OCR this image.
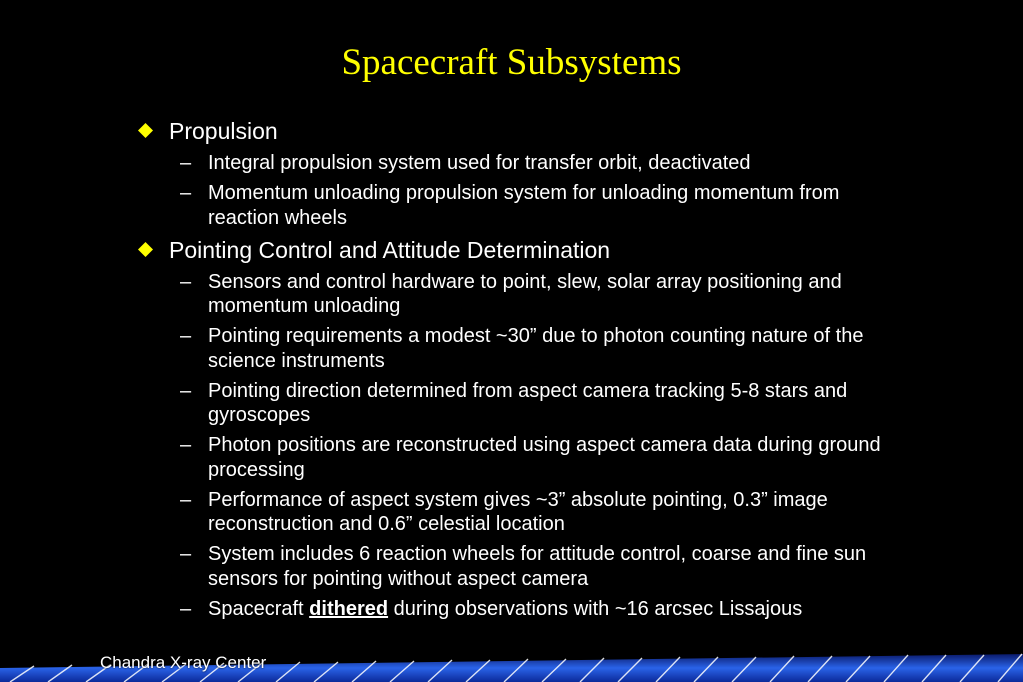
Spacecraft Subsystems
Propulsion
– Integral propulsion system used for transfer orbit, deactivated
– Momentum unloading propulsion system for unloading momentum from reaction wheels
Pointing Control and Attitude Determination
– Sensors and control hardware to point, slew, solar array positioning and momentum unloading
– Pointing requirements a modest ~30” due to photon counting nature of the science instruments
– Pointing direction determined from aspect camera tracking 5-8 stars and gyroscopes
– Photon positions are reconstructed using aspect camera data during ground processing
– Performance of aspect system gives ~3” absolute pointing, 0.3” image reconstruction and 0.6” celestial location
– System includes 6 reaction wheels for attitude control, coarse and fine sun sensors for pointing without aspect camera
– Spacecraft dithered during observations with ~16 arcsec Lissajous
Chandra X-ray Center
